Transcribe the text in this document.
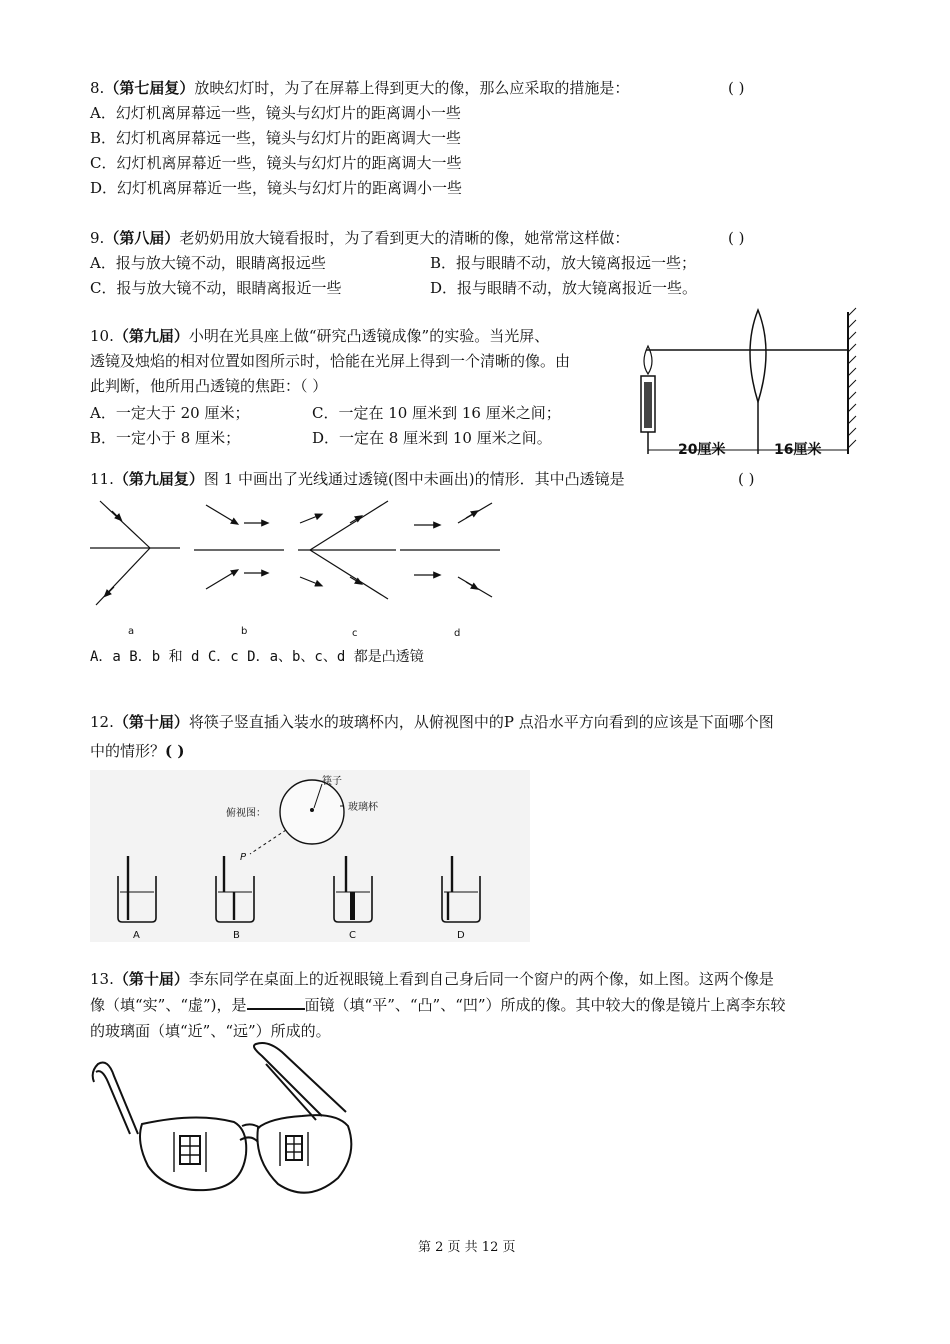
8.（第七届复）放映幻灯时，为了在屏幕上得到更大的像，那么应采取的措施是：	( )
A．幻灯机离屏幕远一些，镜头与幻灯片的距离调小一些
B．幻灯机离屏幕远一些，镜头与幻灯片的距离调大一些
C．幻灯机离屏幕近一些，镜头与幻灯片的距离调大一些
D．幻灯机离屏幕近一些，镜头与幻灯片的距离调小一些
9.（第八届）老奶奶用放大镜看报时，为了看到更大的清晰的像，她常常这样做：	( )
A．报与放大镜不动，眼睛离报远些	B．报与眼睛不动，放大镜离报远一些；
C．报与放大镜不动，眼睛离报近一些	D．报与眼睛不动，放大镜离报近一些。
10.（第九届）小明在光具座上做“研究凸透镜成像”的实验。当光屏、
透镜及烛焰的相对位置如图所示时，恰能在光屏上得到一个清晰的像。由
此判断，他所用凸透镜的焦距：（ ）
A．一定大于 20 厘米；	C．一定在 10 厘米到 16 厘米之间；
B．一定小于 8 厘米；	D．一定在 8 厘米到 10 厘米之间。
20厘米	16厘米
11.（第九届复）图 1 中画出了光线通过透镜(图中未画出)的情形．其中凸透镜是	( )
a	b	c	d
A．a B．b 和 d C．c D．a、b、c、d 都是凸透镜
12.（第十届）将筷子竖直插入装水的玻璃杯内，从俯视图中的P 点沿水平方向看到的应该是下面哪个图
中的情形？( )
筷子
玻璃杯
俯视图：
P
A	B	C	D
13.（第十届）李东同学在桌面上的近视眼镜上看到自己身后同一个窗户的两个像，如上图。这两个像是
像（填“实”、“虚”)，是	面镜（填“平”、“凸”、“凹”）所成的像。其中较大的像是镜片上离李东较
的玻璃面（填“近”、“远”）所成的。
第 2 页 共 12 页
